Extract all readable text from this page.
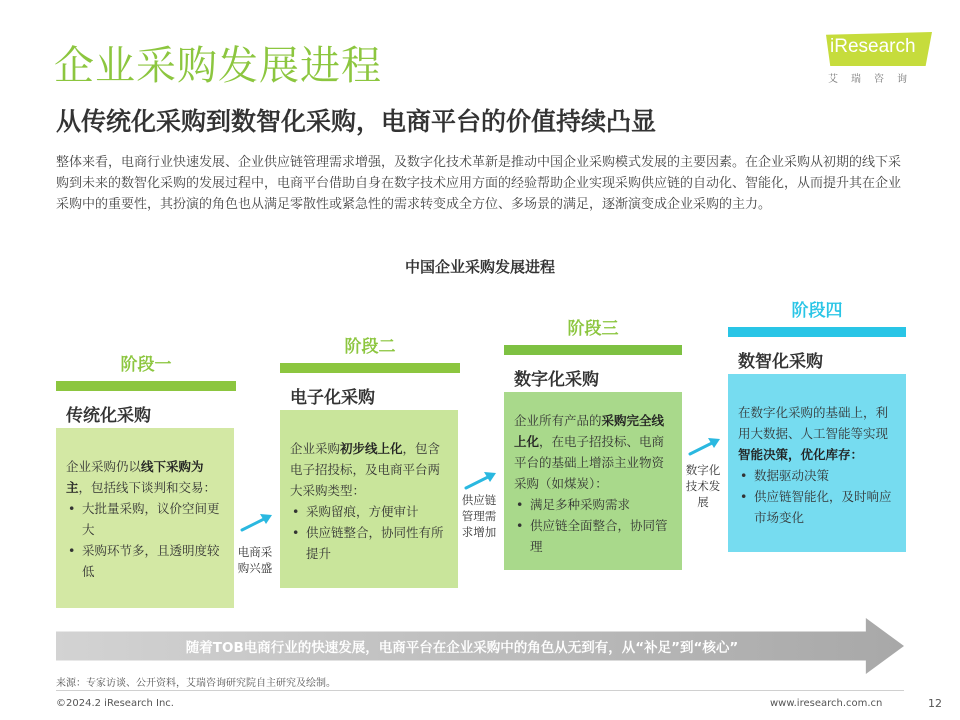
企业采购发展进程
从传统化采购到数智化采购，电商平台的价值持续凸显
iResearch
艾瑞咨询

整体来看，电商行业快速发展、企业供应链管理需求增强，及数字化技术革新是推动中国企业采购模式发展的主要因素。在企业采购从初期的线下采购到未来的数智化采购的发展过程中，电商平台借助自身在数字技术应用方面的经验帮助企业实现采购供应链的自动化、智能化，从而提升其在企业采购中的重要性，其扮演的角色也从满足零散性或紧急性的需求转变成全方位、多场景的满足，逐渐演变成企业采购的主力。

中国企业采购发展进程
阶段一
传统化采购
企业采购仍以线下采购为主，包括线下谈判和交易：
• 大批量采购，议价空间更大
• 采购环节多，且透明度较低
电商采购兴盛
阶段二
电子化采购
企业采购初步线上化，包含电子招投标，及电商平台两大采购类型：
• 采购留痕，方便审计
• 供应链整合，协同性有所提升
供应链管理需求增加
阶段三
数字化采购
企业所有产品的采购完全线上化，在电子招投标、电商平台的基础上增添主业物资采购（如煤炭）：
• 满足多种采购需求
• 供应链全面整合，协同管理
数字化技术发展
阶段四
数智化采购
在数字化采购的基础上，利用大数据、人工智能等实现智能决策，优化库存：
• 数据驱动决策
• 供应链智能化，及时响应市场变化
随着TOB电商行业的快速发展，电商平台在企业采购中的角色从无到有，从“补足”到“核心”
来源：专家访谈、公开资料，艾瑞咨询研究院自主研究及绘制。
©2024.2 iResearch Inc.	www.iresearch.com.cn	12
